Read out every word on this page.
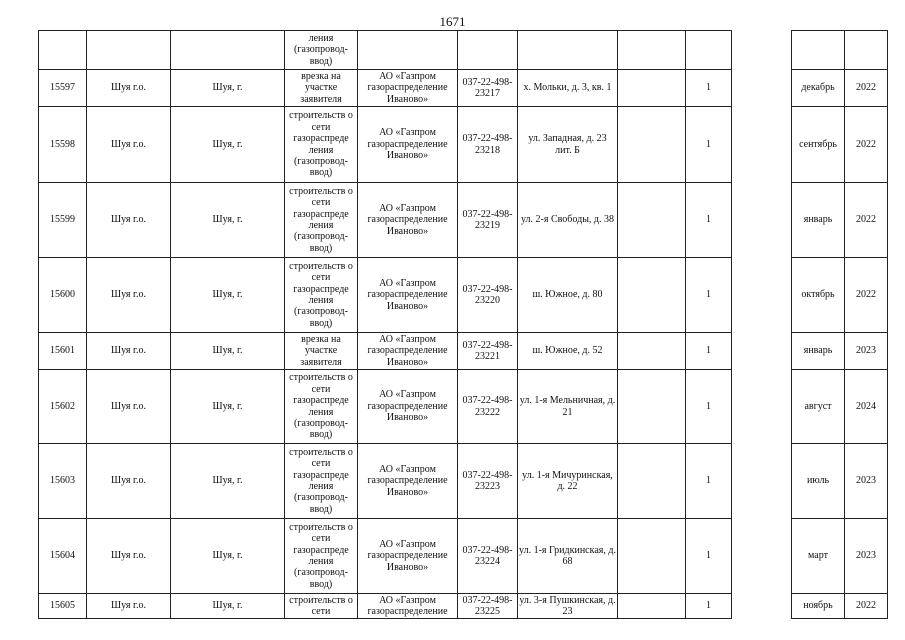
1671
			ления (газопровод-ввод)								
15597	Шуя г.о.	Шуя, г.	врезка на участке заявителя	АО «Газпром газораспределение Иваново»	037-22-498-23217	х. Мольки, д. 3, кв. 1		1		декабрь	2022
15598	Шуя г.о.	Шуя, г.	строительств о сети газораспреде ления (газопровод-ввод)	АО «Газпром газораспределение Иваново»	037-22-498-23218	ул. Западная, д. 23 лит. Б		1		сентябрь	2022
15599	Шуя г.о.	Шуя, г.	строительств о сети газораспреде ления (газопровод-ввод)	АО «Газпром газораспределение Иваново»	037-22-498-23219	ул. 2-я Свободы, д. 38		1		январь	2022
15600	Шуя г.о.	Шуя, г.	строительств о сети газораспреде ления (газопровод-ввод)	АО «Газпром газораспределение Иваново»	037-22-498-23220	ш. Южное, д. 80		1		октябрь	2022
15601	Шуя г.о.	Шуя, г.	врезка на участке заявителя	АО «Газпром газораспределение Иваново»	037-22-498-23221	ш. Южное, д. 52		1		январь	2023
15602	Шуя г.о.	Шуя, г.	строительств о сети газораспреде ления (газопровод-ввод)	АО «Газпром газораспределение Иваново»	037-22-498-23222	ул. 1-я Мельничная, д. 21		1		август	2024
15603	Шуя г.о.	Шуя, г.	строительств о сети газораспреде ления (газопровод-ввод)	АО «Газпром газораспределение Иваново»	037-22-498-23223	ул. 1-я Мичуринская, д. 22		1		июль	2023
15604	Шуя г.о.	Шуя, г.	строительств о сети газораспреде ления (газопровод-ввод)	АО «Газпром газораспределение Иваново»	037-22-498-23224	ул. 1-я Гридкинская, д. 68		1		март	2023
15605	Шуя г.о.	Шуя, г.	строительств о сети	АО «Газпром газораспределение	037-22-498-23225	ул. 3-я Пушкинская, д. 23		1		ноябрь	2022
